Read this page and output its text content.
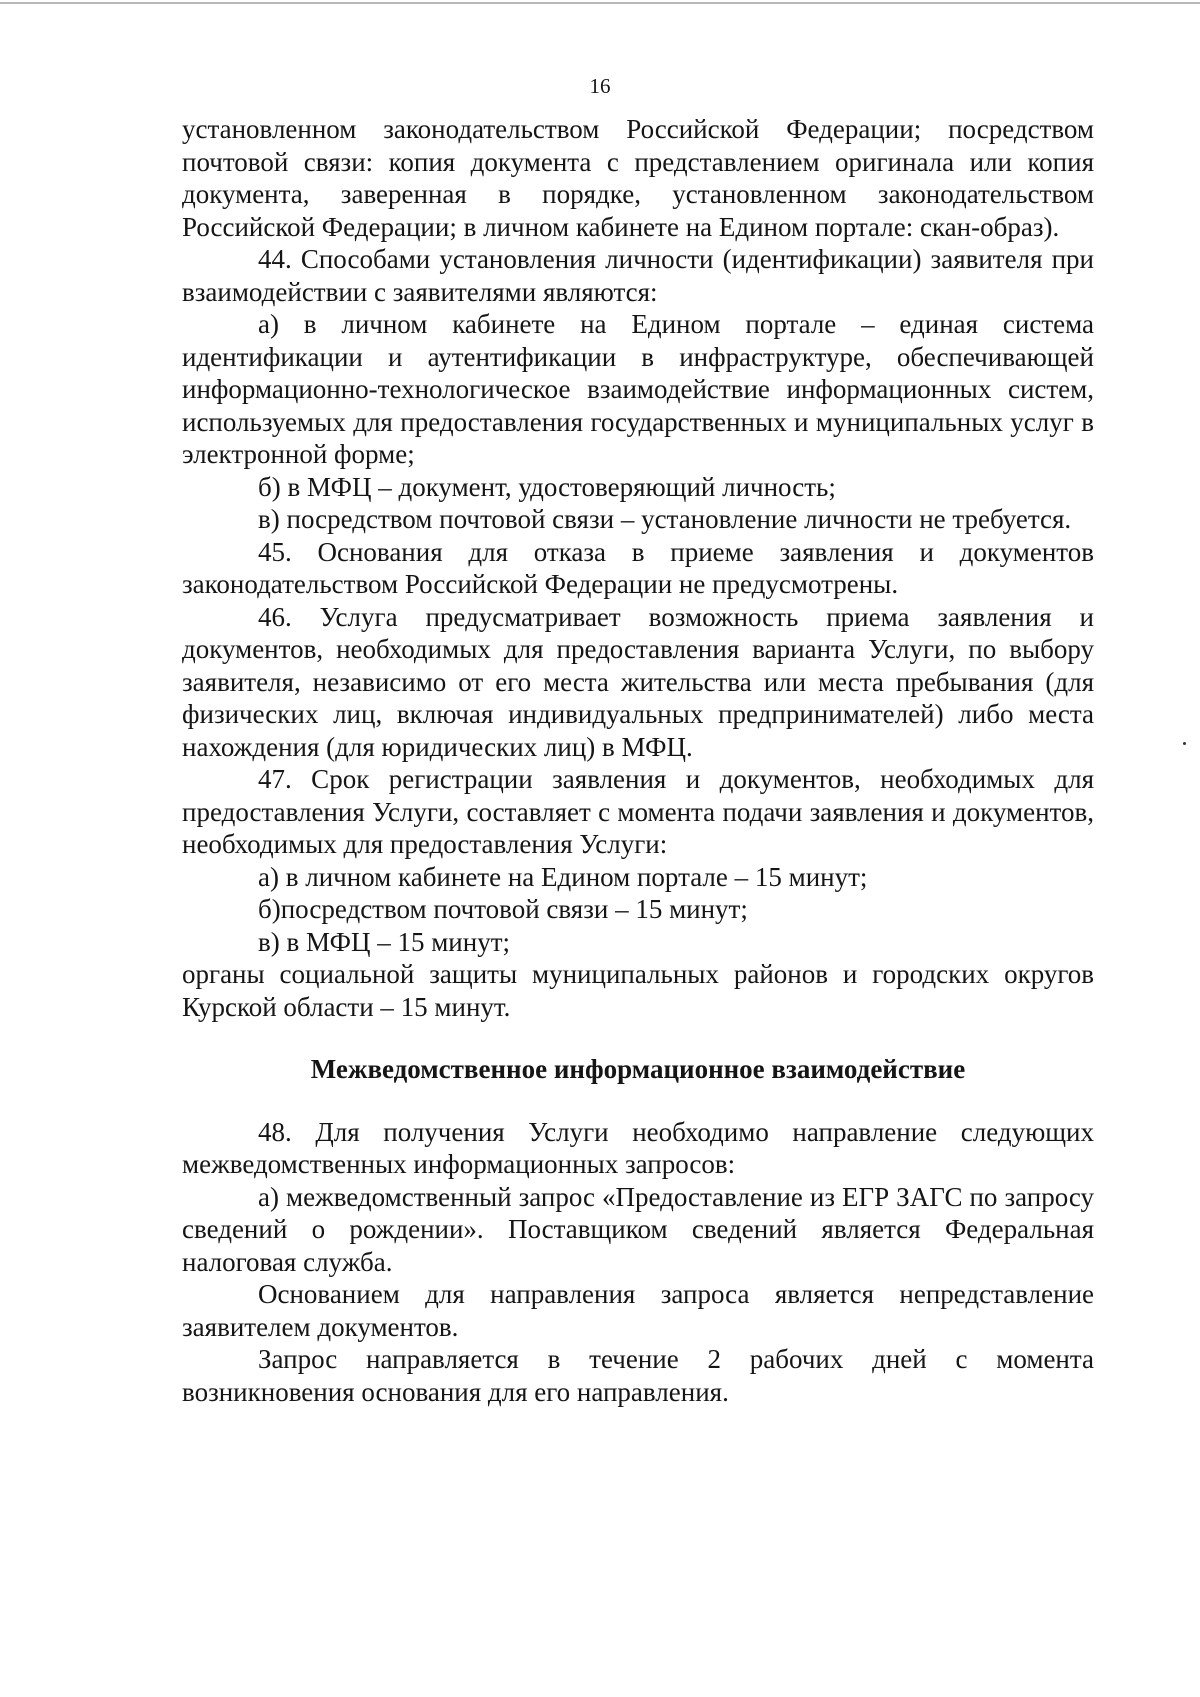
16

установленном законодательством Российской Федерации; посредством почтовой связи: копия документа с представлением оригинала или копия документа, заверенная в порядке, установленном законодательством Российской Федерации; в личном кабинете на Едином портале: скан-образ).

44. Способами установления личности (идентификации) заявителя при взаимодействии с заявителями являются:

а) в личном кабинете на Едином портале – единая система идентификации и аутентификации в инфраструктуре, обеспечивающей информационно-технологическое взаимодействие информационных систем, используемых для предоставления государственных и муниципальных услуг в электронной форме;

б) в МФЦ – документ, удостоверяющий личность;

в) посредством почтовой связи – установление личности не требуется.

45. Основания для отказа в приеме заявления и документов законодательством Российской Федерации не предусмотрены.

46. Услуга предусматривает возможность приема заявления и документов, необходимых для предоставления варианта Услуги, по выбору заявителя, независимо от его места жительства или места пребывания (для физических лиц, включая индивидуальных предпринимателей) либо места нахождения (для юридических лиц) в МФЦ.

47. Срок регистрации заявления и документов, необходимых для предоставления Услуги, составляет с момента подачи заявления и документов, необходимых для предоставления Услуги:

а) в личном кабинете на Едином портале – 15 минут;

б)посредством почтовой связи – 15 минут;

в) в МФЦ – 15 минут;

органы социальной защиты муниципальных районов и городских округов Курской области – 15 минут.

Межведомственное информационное взаимодействие

48. Для получения Услуги необходимо направление следующих межведомственных информационных запросов:

а) межведомственный запрос «Предоставление из ЕГР ЗАГС по запросу сведений о рождении». Поставщиком сведений является Федеральная налоговая служба.

Основанием для направления запроса является непредставление заявителем документов.

Запрос направляется в течение 2 рабочих дней с момента возникновения основания для его направления.
